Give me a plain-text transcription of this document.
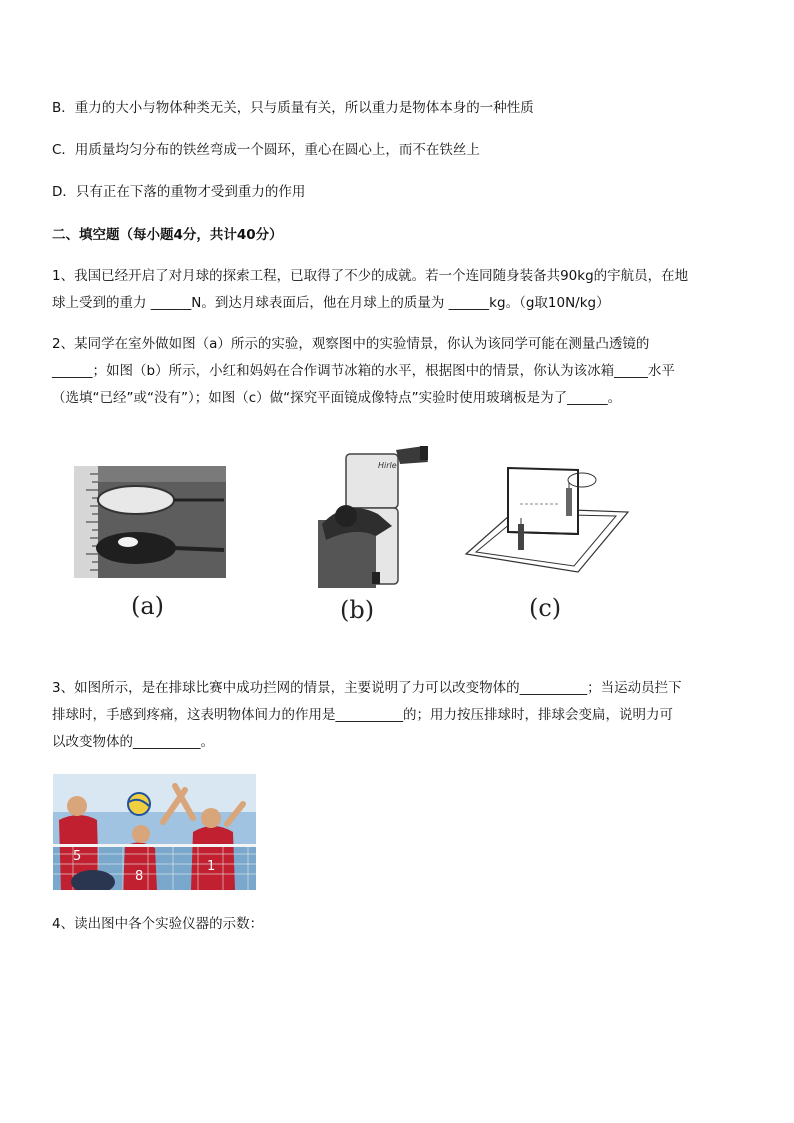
B．重力的大小与物体种类无关，只与质量有关，所以重力是物体本身的一种性质
C．用质量均匀分布的铁丝弯成一个圆环，重心在圆心上，而不在铁丝上
D．只有正在下落的重物才受到重力的作用
二、填空题（每小题4分，共计40分）
1、我国已经开启了对月球的探索工程，已取得了不少的成就。若一个连同随身装备共90kg的宇航员，在地
球上受到的重力 ______N。到达月球表面后，他在月球上的质量为 ______kg。（g取10N/kg）
2、某同学在室外做如图（a）所示的实验，观察图中的实验情景，你认为该同学可能在测量凸透镜的
______；如图（b）所示，小红和妈妈在合作调节冰箱的水平，根据图中的情景，你认为该冰箱_____水平
（选填“已经”或“没有”）；如图（c）做“探究平面镜成像特点”实验时使用玻璃板是为了______。
(a)
Hirle
(b)	(c)
3、如图所示，是在排球比赛中成功拦网的情景，主要说明了力可以改变物体的__________；当运动员拦下
排球时，手感到疼痛，这表明物体间力的作用是__________的；用力按压排球时，排球会变扁，说明力可
以改变物体的__________。
5
8
1
4、读出图中各个实验仪器的示数：
